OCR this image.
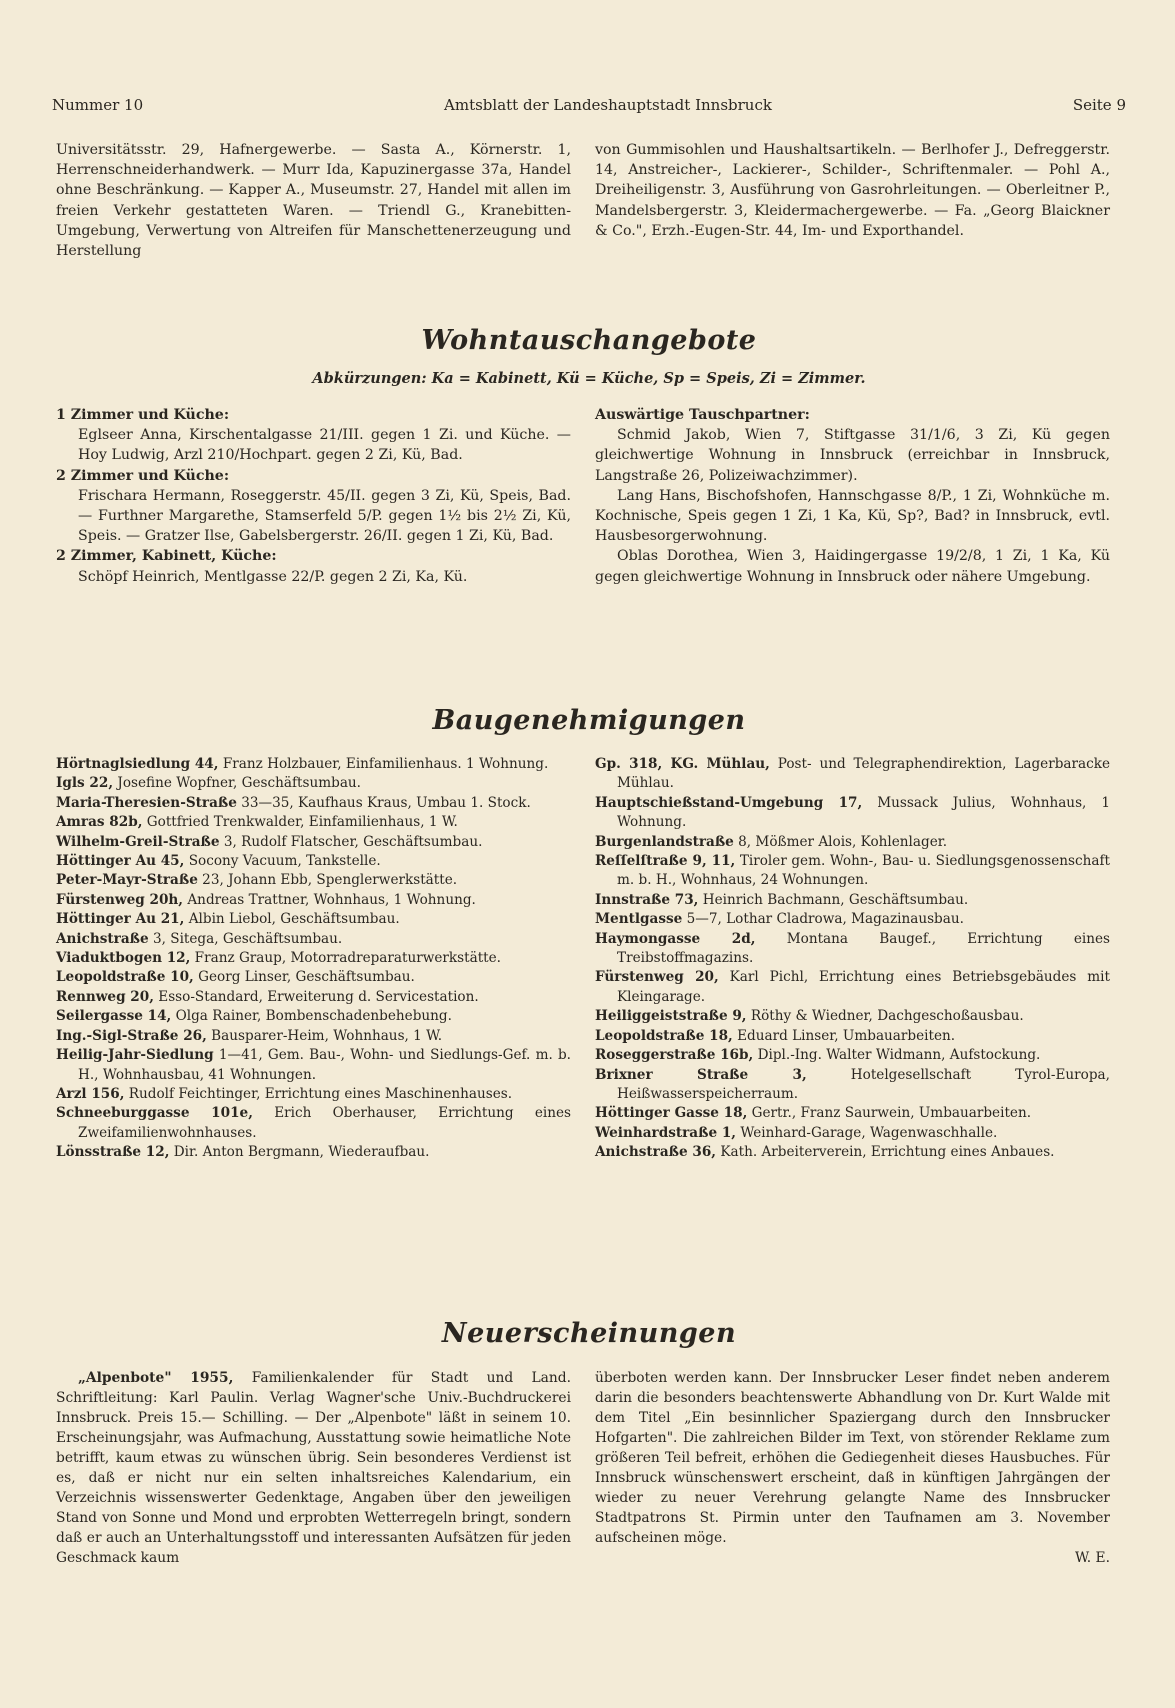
Nummer 10	Amtsblatt der Landeshauptstadt Innsbruck	Seite 9

Universitätsstr. 29, Hafnergewerbe. — Sasta A., Körnerstr. 1, Herrenschneiderhandwerk. — Murr Ida, Kapuzinergasse 37a, Handel ohne Beschränkung. — Kapper A., Museumstr. 27, Handel mit allen im freien Verkehr gestatteten Waren. — Triendl G., Kranebitten-Umgebung, Verwertung von Altreifen für Manschettenerzeugung und Herstellung

von Gummisohlen und Haushaltsartikeln. — Berlhofer J., Defreggerstr. 14, Anstreicher-, Lackierer-, Schilder-, Schriftenmaler. — Pohl A., Dreiheiligenstr. 3, Ausführung von Gasrohrleitungen. — Oberleitner P., Mandelsbergerstr. 3, Kleidermachergewerbe. — Fa. „Georg Blaickner & Co.", Erzh.-Eugen-Str. 44, Im- und Exporthandel.

Wohntauschangebote
Abkürzungen: Ka = Kabinett, Kü = Küche, Sp = Speis, Zi = Zimmer.

1 Zimmer und Küche:

Eglseer Anna, Kirschentalgasse 21/III. gegen 1 Zi. und Küche. — Hoy Ludwig, Arzl 210/Hochpart. gegen 2 Zi, Kü, Bad.

2 Zimmer und Küche:

Frischara Hermann, Roseggerstr. 45/II. gegen 3 Zi, Kü, Speis, Bad. — Furthner Margarethe, Stamserfeld 5/P. gegen 1½ bis 2½ Zi, Kü, Speis. — Gratzer Ilse, Gabelsbergerstr. 26/II. gegen 1 Zi, Kü, Bad.

2 Zimmer, Kabinett, Küche:

Schöpf Heinrich, Mentlgasse 22/P. gegen 2 Zi, Ka, Kü.

Auswärtige Tauschpartner:

Schmid Jakob, Wien 7, Stiftgasse 31/1/6, 3 Zi, Kü gegen gleichwertige Wohnung in Innsbruck (erreichbar in Innsbruck, Langstraße 26, Polizeiwachzimmer).

Lang Hans, Bischofshofen, Hannschgasse 8/P., 1 Zi, Wohnküche m. Kochnische, Speis gegen 1 Zi, 1 Ka, Kü, Sp?, Bad? in Innsbruck, evtl. Hausbesorgerwohnung.

Oblas Dorothea, Wien 3, Haidingergasse 19/2/8, 1 Zi, 1 Ka, Kü gegen gleichwertige Wohnung in Innsbruck oder nähere Umgebung.

Baugenehmigungen

Hörtnaglsiedlung 44, Franz Holzbauer, Einfamilienhaus. 1 Wohnung.

Igls 22, Josefine Wopfner, Geschäftsumbau.

Maria-Theresien-Straße 33—35, Kaufhaus Kraus, Umbau 1. Stock.

Amras 82b, Gottfried Trenkwalder, Einfamilienhaus, 1 W.

Wilhelm-Greil-Straße 3, Rudolf Flatscher, Geschäftsumbau.

Höttinger Au 45, Socony Vacuum, Tankstelle.

Peter-Mayr-Straße 23, Johann Ebb, Spenglerwerkstätte.

Fürstenweg 20h, Andreas Trattner, Wohnhaus, 1 Wohnung.

Höttinger Au 21, Albin Liebol, Geschäftsumbau.

Anichstraße 3, Sitega, Geschäftsumbau.

Viaduktbogen 12, Franz Graup, Motorradreparaturwerkstätte.

Leopoldstraße 10, Georg Linser, Geschäftsumbau.

Rennweg 20, Esso-Standard, Erweiterung d. Servicestation.

Seilergasse 14, Olga Rainer, Bombenschadenbehebung.

Ing.-Sigl-Straße 26, Bausparer-Heim, Wohnhaus, 1 W.

Heilig-Jahr-Siedlung 1—41, Gem. Bau-, Wohn- und Siedlungs-Gef. m. b. H., Wohnhausbau, 41 Wohnungen.

Arzl 156, Rudolf Feichtinger, Errichtung eines Maschinenhauses.

Schneeburggasse 101e, Erich Oberhauser, Errichtung eines Zweifamilienwohnhauses.

Lönsstraße 12, Dir. Anton Bergmann, Wiederaufbau.

Gp. 318, KG. Mühlau, Post- und Telegraphendirektion, Lagerbaracke Mühlau.

Hauptschießstand-Umgebung 17, Mussack Julius, Wohnhaus, 1 Wohnung.

Burgenlandstraße 8, Mößmer Alois, Kohlenlager.

Reſſelſtraße 9, 11, Tiroler gem. Wohn-, Bau- u. Siedlungsgenossenschaft m. b. H., Wohnhaus, 24 Wohnungen.

Innstraße 73, Heinrich Bachmann, Geschäftsumbau.

Mentlgasse 5—7, Lothar Cladrowa, Magazinausbau.

Haymongasse 2d, Montana Baugef., Errichtung eines Treibstoffmagazins.

Fürstenweg 20, Karl Pichl, Errichtung eines Betriebsgebäudes mit Kleingarage.

Heiliggeiststraße 9, Röthy & Wiedner, Dachgeschoßausbau.

Leopoldstraße 18, Eduard Linser, Umbauarbeiten.

Roseggerstraße 16b, Dipl.-Ing. Walter Widmann, Aufstockung.

Brixner Straße 3, Hotelgesellschaft Tyrol-Europa, Heißwasserspeicherraum.

Höttinger Gasse 18, Gertr., Franz Saurwein, Umbauarbeiten.

Weinhardstraße 1, Weinhard-Garage, Wagenwaschhalle.

Anichstraße 36, Kath. Arbeiterverein, Errichtung eines Anbaues.

Neuerscheinungen

„Alpenbote" 1955, Familienkalender für Stadt und Land. Schriftleitung: Karl Paulin. Verlag Wagner'sche Univ.-Buchdruckerei Innsbruck. Preis 15.— Schilling. — Der „Alpenbote" läßt in seinem 10. Erscheinungsjahr, was Aufmachung, Ausstattung sowie heimatliche Note betrifft, kaum etwas zu wünschen übrig. Sein besonderes Verdienst ist es, daß er nicht nur ein selten inhaltsreiches Kalendarium, ein Verzeichnis wissenswerter Gedenktage, Angaben über den jeweiligen Stand von Sonne und Mond und erprobten Wetterregeln bringt, sondern daß er auch an Unterhaltungsstoff und interessanten Aufsätzen für jeden Geschmack kaum

überboten werden kann. Der Innsbrucker Leser findet neben anderem darin die besonders beachtenswerte Abhandlung von Dr. Kurt Walde mit dem Titel „Ein besinnlicher Spaziergang durch den Innsbrucker Hofgarten". Die zahlreichen Bilder im Text, von störender Reklame zum größeren Teil befreit, erhöhen die Gediegenheit dieses Hausbuches. Für Innsbruck wünschenswert erscheint, daß in künftigen Jahrgängen der wieder zu neuer Verehrung gelangte Name des Innsbrucker Stadtpatrons St. Pirmin unter den Taufnamen am 3. November aufscheinen möge.

W. E.
